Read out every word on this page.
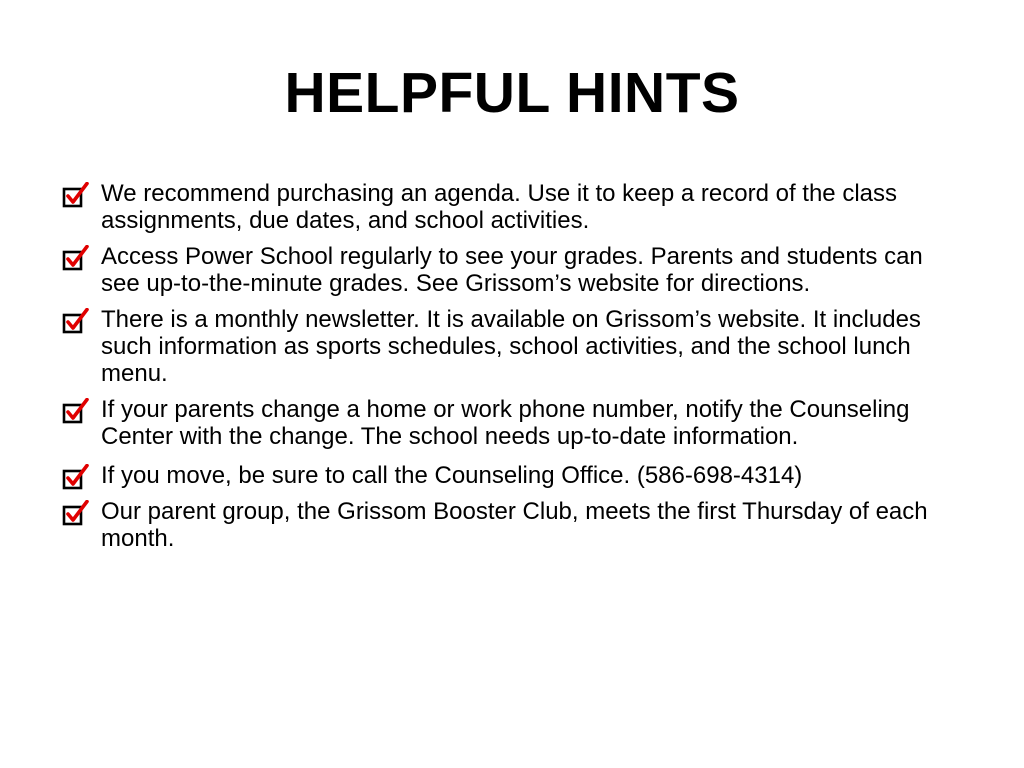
HELPFUL HINTS
We recommend purchasing an agenda. Use it to keep a record of the class assignments, due dates, and school activities.
Access Power School regularly to see your grades. Parents and students can see up-to-the-minute grades. See Grissom’s website for directions.
There is a monthly newsletter. It is available on Grissom’s website. It includes such information as sports schedules, school activities, and the school lunch menu.
If your parents change a home or work phone number, notify the Counseling Center with the change. The school needs up-to-date information.
If you move, be sure to call the Counseling Office. (586-698-4314)
Our parent group, the Grissom Booster Club, meets the first Thursday of each month.
